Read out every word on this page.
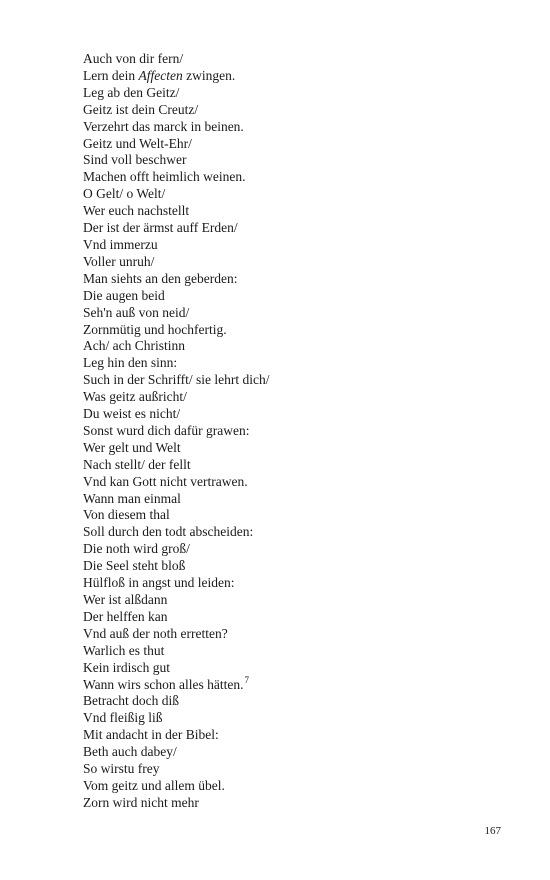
Auch von dir fern/
Lern dein Affecten zwingen.
Leg ab den Geitz/
Geitz ist dein Creutz/
Verzehrt das marck in beinen.
Geitz und Welt-Ehr/
Sind voll beschwer
Machen offt heimlich weinen.
O Gelt/ o Welt/
Wer euch nachstellt
Der ist der ärmst auff Erden/
Vnd immerzu
Voller unruh/
Man siehts an den geberden:
Die augen beid
Seh'n auß von neid/
Zornmütig und hochfertig.
Ach/ ach Christinn
Leg hin den sinn:
Such in der Schrifft/ sie lehrt dich/
Was geitz außricht/
Du weist es nicht/
Sonst wurd dich dafür grawen:
Wer gelt und Welt
Nach stellt/ der fellt
Vnd kan Gott nicht vertrawen.
Wann man einmal
Von diesem thal
Soll durch den todt abscheiden:
Die noth wird groß/
Die Seel steht bloß
Hülfloß in angst und leiden:
Wer ist alßdann
Der helffen kan
Vnd auß der noth erretten?
Warlich es thut
Kein irdisch gut
Wann wirs schon alles hätten.$^7$
Betracht doch diß
Vnd fleißig liß
Mit andacht in der Bibel:
Beth auch dabey/
So wirstu frey
Vom geitz und allem übel.
Zorn wird nicht mehr
167
